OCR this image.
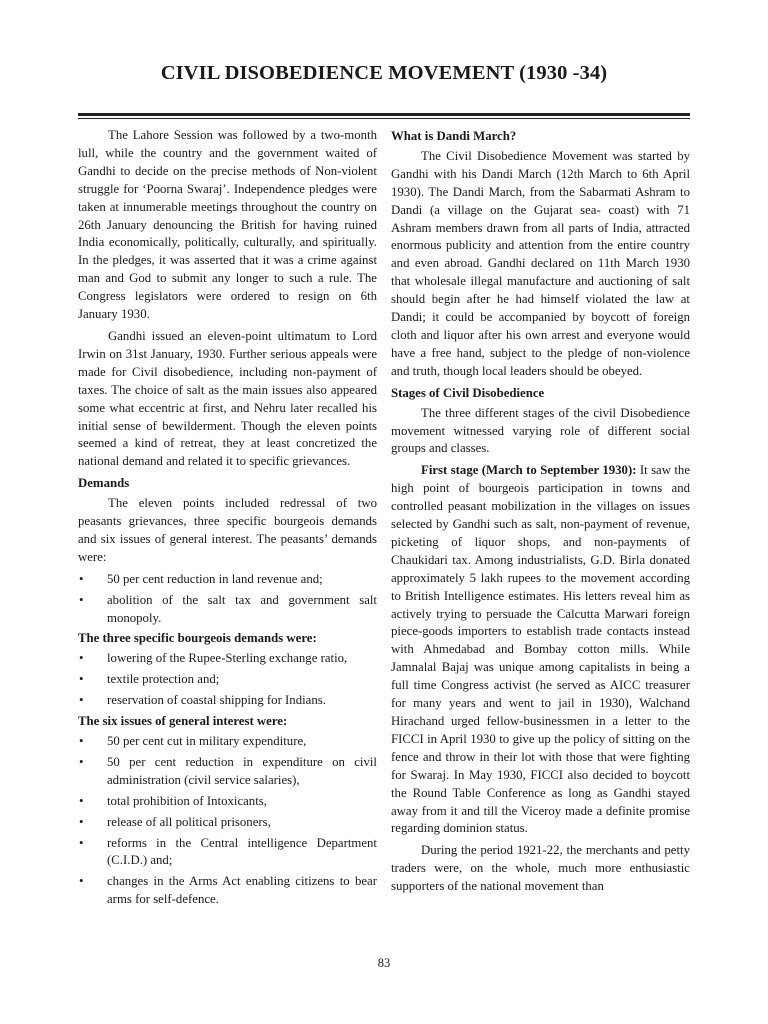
CIVIL DISOBEDIENCE MOVEMENT (1930 -34)

The Lahore Session was followed by a two-month lull, while the country and the government waited of Gandhi to decide on the precise methods of Non-violent struggle for ‘Poorna Swaraj’. Independence pledges were taken at innumerable meetings throughout the country on 26th January denouncing the British for having ruined India economically, politically, culturally, and spiritually. In the pledges, it was asserted that it was a crime against man and God to submit any longer to such a rule. The Congress legislators were ordered to resign on 6th January 1930.

Gandhi issued an eleven-point ultimatum to Lord Irwin on 31st January, 1930. Further serious appeals were made for Civil disobedience, including non-payment of taxes. The choice of salt as the main issues also appeared some what eccentric at first, and Nehru later recalled his initial sense of bewilderment. Though the eleven points seemed a kind of retreat, they at least concretized the national demand and related it to specific grievances.

Demands

The eleven points included redressal of two peasants grievances, three specific bourgeois demands and six issues of general interest. The peasants’ demands were:

• 50 per cent reduction in land revenue and;
• abolition of the salt tax and government salt monopoly.
The three specific bourgeois demands were:
• lowering of the Rupee-Sterling exchange ratio,
• textile protection and;
• reservation of coastal shipping for Indians.
The six issues of general interest were:
• 50 per cent cut in military expenditure,
• 50 per cent reduction in expenditure on civil administration (civil service salaries),
• total prohibition of Intoxicants,
• release of all political prisoners,
• reforms in the Central intelligence Department (C.I.D.) and;
• changes in the Arms Act enabling citizens to bear arms for self-defence.
What is Dandi March?

The Civil Disobedience Movement was started by Gandhi with his Dandi March (12th March to 6th April 1930). The Dandi March, from the Sabarmati Ashram to Dandi (a village on the Gujarat sea- coast) with 71 Ashram members drawn from all parts of India, attracted enormous publicity and attention from the entire country and even abroad. Gandhi declared on 11th March 1930 that wholesale illegal manufacture and auctioning of salt should begin after he had himself violated the law at Dandi; it could be accompanied by boycott of foreign cloth and liquor after his own arrest and everyone would have a free hand, subject to the pledge of non-violence and truth, though local leaders should be obeyed.

Stages of Civil Disobedience

The three different stages of the civil Disobedience movement witnessed varying role of different social groups and classes.

First stage (March to September 1930): It saw the high point of bourgeois participation in towns and controlled peasant mobilization in the villages on issues selected by Gandhi such as salt, non-payment of revenue, picketing of liquor shops, and non-payments of Chaukidari tax. Among industrialists, G.D. Birla donated approximately 5 lakh rupees to the movement according to British Intelligence estimates. His letters reveal him as actively trying to persuade the Calcutta Marwari foreign piece-goods importers to establish trade contacts instead with Ahmedabad and Bombay cotton mills. While Jamnalal Bajaj was unique among capitalists in being a full time Congress activist (he served as AICC treasurer for many years and went to jail in 1930), Walchand Hirachand urged fellow-businessmen in a letter to the FICCI in April 1930 to give up the policy of sitting on the fence and throw in their lot with those that were fighting for Swaraj. In May 1930, FICCI also decided to boycott the Round Table Conference as long as Gandhi stayed away from it and till the Viceroy made a definite promise regarding dominion status.

During the period 1921-22, the merchants and petty traders were, on the whole, much more enthusiastic supporters of the national movement than

83
